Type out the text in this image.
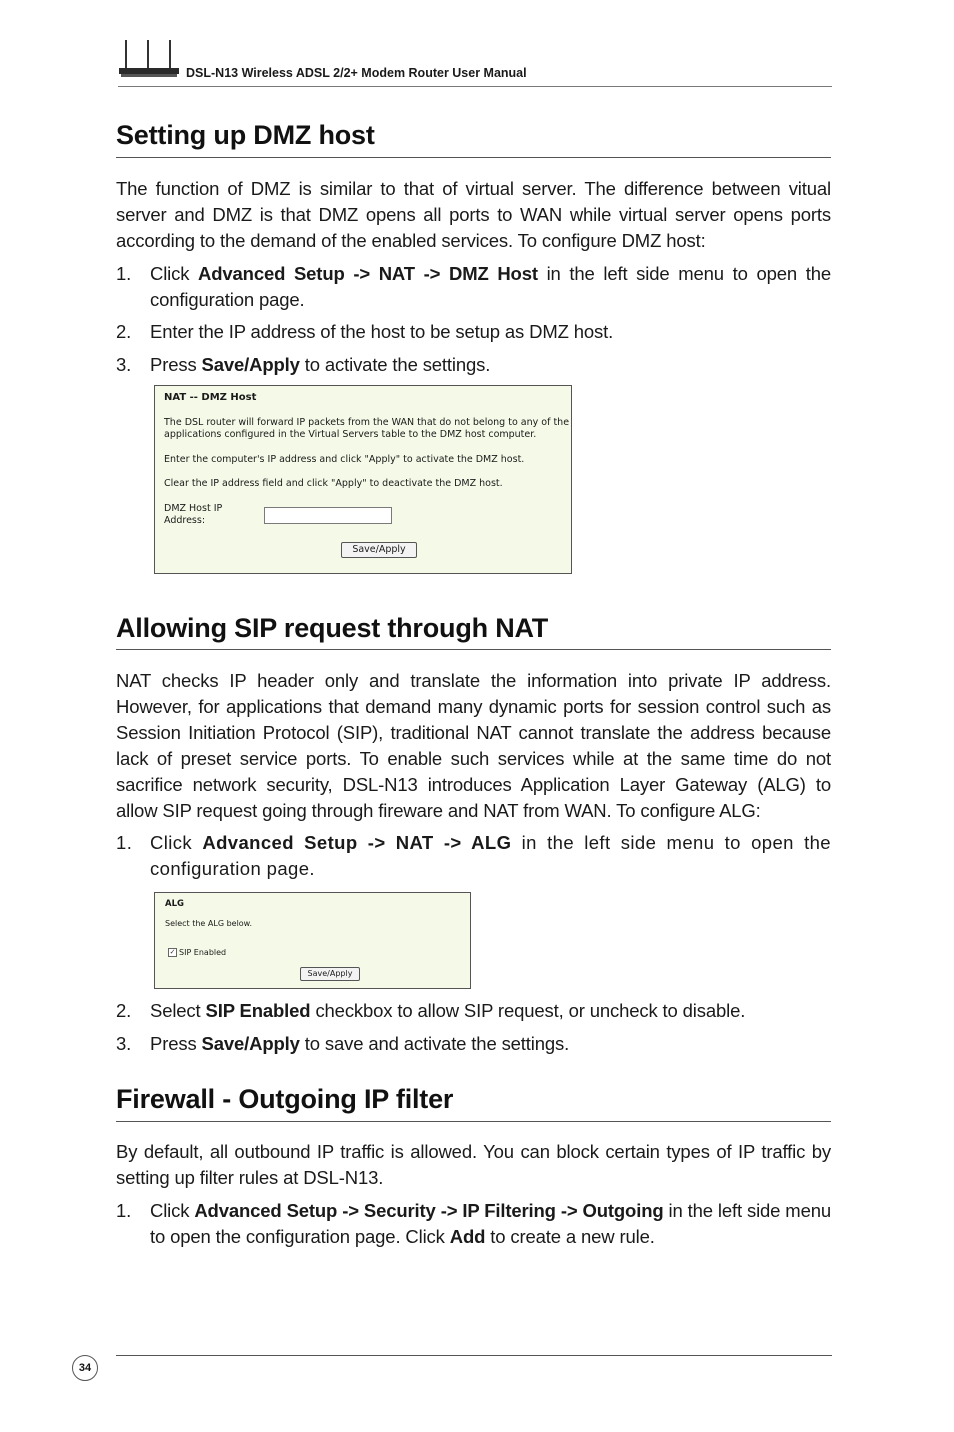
DSL-N13 Wireless ADSL 2/2+ Modem Router User Manual
Setting up DMZ host
The function of DMZ is similar to that of virtual server. The difference between vitual server and DMZ is that DMZ opens all ports to WAN while virtual server opens ports according to the demand of the enabled services. To configure DMZ host:
1. Click Advanced Setup -> NAT -> DMZ Host in the left side menu to open the configuration page.
2. Enter the IP address of the host to be setup as DMZ host.
3. Press Save/Apply to activate the settings.
NAT -- DMZ Host
The DSL router will forward IP packets from the WAN that do not belong to any of the
applications configured in the Virtual Servers table to the DMZ host computer.
Enter the computer's IP address and click "Apply" to activate the DMZ host.
Clear the IP address field and click "Apply" to deactivate the DMZ host.
DMZ Host IP
Address:
Save/Apply
Allowing SIP request through NAT
NAT checks IP header only and translate the information into private IP address. However, for applications that demand many dynamic ports for session control such as Session Initiation Protocol (SIP), traditional NAT cannot translate the address because lack of preset service ports. To enable such services while at the same time do not sacrifice network security, DSL-N13 introduces Application Layer Gateway (ALG) to allow SIP request going through fireware and NAT from WAN. To configure ALG:
1. Click Advanced Setup -> NAT -> ALG in the left side menu to open the configuration page.
ALG
Select the ALG below.
✓ SIP Enabled
Save/Apply
2. Select SIP Enabled checkbox to allow SIP request, or uncheck to disable.
3. Press Save/Apply to save and activate the settings.
Firewall - Outgoing IP filter
By default, all outbound IP traffic is allowed. You can block certain types of IP traffic by setting up filter rules at DSL-N13.
1. Click Advanced Setup -> Security -> IP Filtering -> Outgoing in the left side menu to open the configuration page. Click Add to create a new rule.
34
